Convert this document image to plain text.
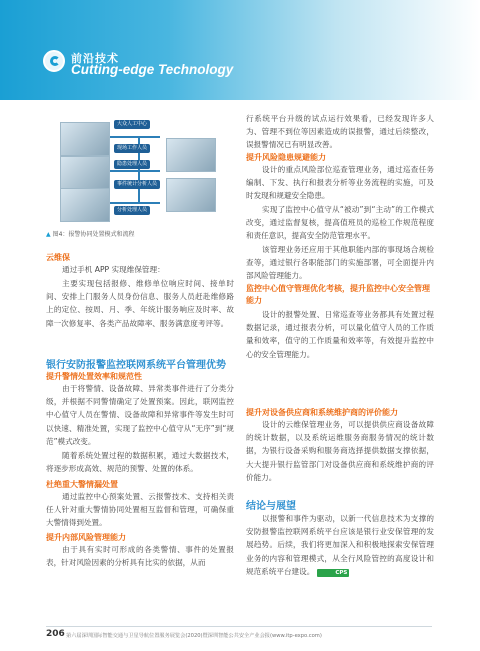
前沿技术
Cutting-edge Technology
大众人工中心
现场工作人员
隐患处理人员
事件统计分析人员
分析处理人员
▲ 图4：报警协同处置模式和流程
云维保
通过手机 APP 实现维保管理：
主要实现包括报修、维修单位响应时间、接单时间、安排上门服务人员身份信息、服务人员赶赴维修路上的定位、按周、月、季、年统计服务响应及时率、故障一次修复率、各类产品故障率、服务满意度考评等。
银行安防报警监控联网系统平台管理优势
提升警情处置效率和规范性
由于将警情、设备故障、异常类事件进行了分类分级，并根据不同警情确定了处置预案。因此，联网监控中心值守人员在警情、设备故障和异常事件等发生时可以快速、精准处置，实现了监控中心值守从“无序”到“规范”模式改变。
随着系统处置过程的数据积累，通过大数据技术，将逐步形成高效、规范的预警、处置的体系。
杜绝重大警情漏处置
通过监控中心预案处置、云报警技术、支持相关责任人针对重大警情协同处置相互监督和管理，可确保重大警情得到处置。
提升内部风险管理能力
由于具有实时可形成的各类警情、事件的处置报表，针对风险因素的分析具有比实的依据，从而
行系统平台升级的试点运行效果看，已经发现许多人为、管理不到位等因素造成的误报警，通过后续整改，误报警情况已有明显改善。
提升风险隐患规避能力
设计的重点风险部位巡查管理业务，通过巡查任务编制、下发、执行和报表分析等业务流程的实施，可及时发现和规避安全隐患。
实现了监控中心值守从“被动”到“主动”的工作模式改变，通过监督复核，提高值班员的巡检工作规范程度和责任意识，提高安全防范管理水平。
该管理业务还应用于其他职能内部的事现场合规检查等，通过银行各职能部门的实施部署，可全面提升内部风险管理能力。
监控中心值守管理优化考核，提升监控中心安全管理能力
设计的报警处置、日常巡查等业务都具有处置过程数据记录，通过报表分析，可以量化值守人员的工作质量和效率，值守的工作质量和效率等，有效提升监控中心的安全管理能力。
提升对设备供应商和系统维护商的评价能力
设计的云维保管理业务，可以提供供应商设备故障的统计数据，以及系统运维服务商服务情况的统计数据，为银行设备采购和服务商选择提供数据支撑依据，大大提升银行监管部门对设备供应商和系统维护商的评价能力。
结论与展望
以报警和事件为驱动，以新一代信息技术为支撑的安防报警监控联网系统平台应该是银行业安保管理的发展趋势。后续，我们将更加深入和积极地探索安保管理业务的内容和管理模式，从全行风险管控的高度设计和规范系统平台建设。	CPS
206 第六届深圳国际智能交通与卫星导航位置服务展览会(2020)暨深圳智能公共安全产业会报(www.itp-expo.com)
